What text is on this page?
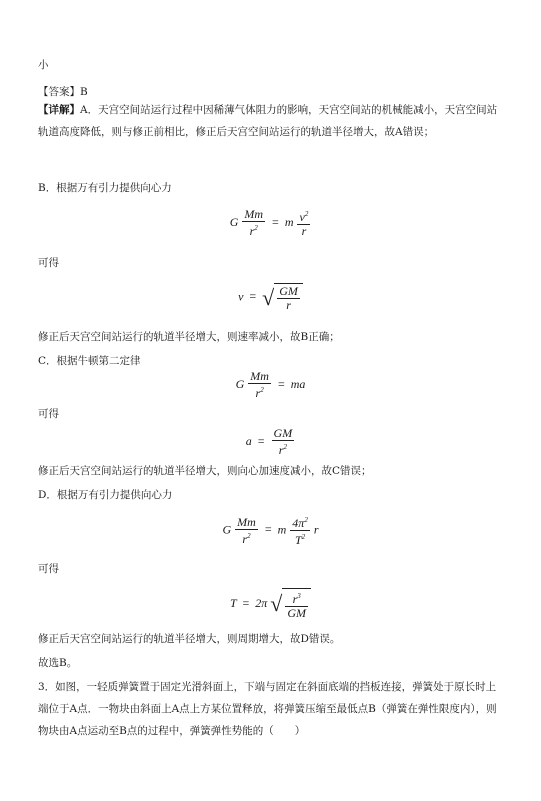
小
【答案】B
【详解】A．天宫空间站运行过程中因稀薄气体阻力的影响，天宫空间站的机械能减小，天宫空间站轨道高度降低，则与修正前相比，修正后天宫空间站运行的轨道半径增大，故A错误；
B．根据万有引力提供向心力
G $\frac{Mm}{r^2} = m \frac{v^2}{r}$
可得
v = √ $\frac{GM}{r}$
修正后天宫空间站运行的轨道半径增大，则速率减小，故B正确；
C．根据牛顿第二定律
G $\frac{Mm}{r^2}$ = ma
可得
$a = \frac{GM}{r^2}$
修正后天宫空间站运行的轨道半径增大，则向心加速度减小，故C错误；
D．根据万有引力提供向心力
G $\frac{Mm}{r^2} = m \frac{4\pi^2}{T^2}$ r
可得
T = 2π √ $\frac{r^3}{GM}$
修正后天宫空间站运行的轨道半径增大，则周期增大，故D错误。
故选B。
3．如图，一轻质弹簧置于固定光滑斜面上，下端与固定在斜面底端的挡板连接，弹簧处于原长时上端位于A点．一物块由斜面上A点上方某位置释放，将弹簧压缩至最低点B（弹簧在弹性限度内），则物块由A点运动至B点的过程中，弹簧弹性势能的（　　）
